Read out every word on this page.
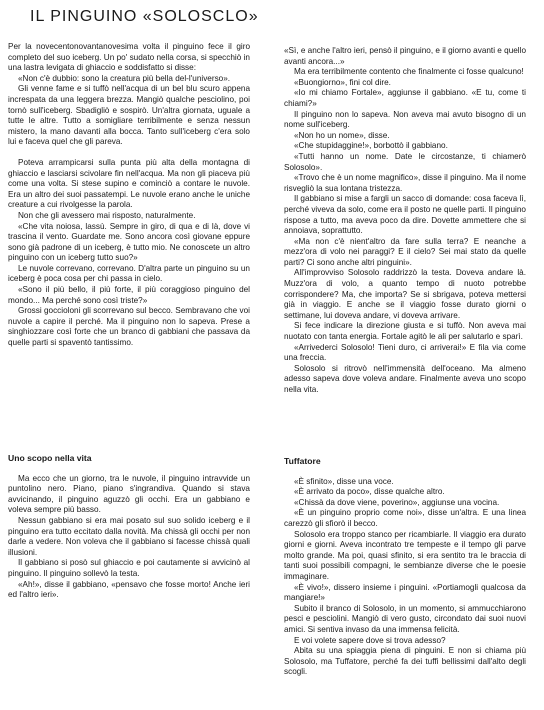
IL PINGUINO «SOLOSCLO»

Per la novecentonovantanovesima volta il pinguino fece il giro completo del suo iceberg. Un po' sudato nella corsa, si specchiò in una lastra levigata di ghiaccio e soddisfatto si disse:

«Non c'è dubbio: sono la creatura più bella del-l'universo».

Gli venne fame e si tuffò nell'acqua di un bel blu scuro appena increspata da una leggera brezza. Mangiò qualche pesciolino, poi tornò sull'iceberg. Sbadigliò e sospirò. Un'altra giornata, uguale a tutte le altre. Tutto a somigliare terribilmente e senza nessun mistero, la mano davanti alla bocca. Tanto sull'iceberg c'era solo lui e faceva quel che gli pareva.

Poteva arrampicarsi sulla punta più alta della montagna di ghiaccio e lasciarsi scivolare fin nell'acqua. Ma non gli piaceva più come una volta. Si stese supino e cominciò a contare le nuvole. Era un altro dei suoi passatempi. Le nuvole erano anche le uniche creature a cui rivolgesse la parola.

Non che gli avessero mai risposto, naturalmente.

«Che vita noiosa, lassù. Sempre in giro, di qua e di là, dove vi trascina il vento. Guardate me. Sono ancora così giovane eppure sono già padrone di un iceberg, è tutto mio. Ne conoscete un altro pinguino con un iceberg tutto suo?»

Le nuvole correvano, correvano. D'altra parte un pinguino su un iceberg è poca cosa per chi passa in cielo.

«Sono il più bello, il più forte, il più coraggioso pinguino del mondo... Ma perché sono così triste?»

Grossi goccioloni gli scorrevano sul becco. Sembravano che voi nuvole a capire il perché. Ma il pinguino non lo sapeva. Prese a singhiozzare così forte che un branco di gabbiani che passava da quelle parti si spaventò tantissimo.

«Sì, e anche l'altro ieri, pensò il pinguino, e il giorno avanti e quello avanti ancora...»

Ma era terribilmente contento che finalmente ci fosse qualcuno!

«Buongiorno», fini col dire.

«Io mi chiamo Fortale», aggiunse il gabbiano. «E tu, come ti chiami?»

Il pinguino non lo sapeva. Non aveva mai avuto bisogno di un nome sull'iceberg.

«Non ho un nome», disse.

«Che stupidaggine!», borbottò il gabbiano.

«Tutti hanno un nome. Date le circostanze, ti chiamerò Solosolo».

«Trovo che è un nome magnifico», disse il pinguino. Ma il nome risvegliò la sua lontana tristezza.

Il gabbiano si mise a fargli un sacco di domande: cosa faceva lì, perché viveva da solo, come era il posto ne quelle parti. Il pinguino rispose a tutto, ma aveva poco da dire. Dovette ammettere che si annoiava, soprattutto.

«Ma non c'è nient'altro da fare sulla terra? E neanche a mezz'ora di volo nei paraggi? E il cielo? Sei mai stato da quelle parti? Ci sono anche altri pinguini».

All'improvviso Solosolo raddrizzò la testa. Doveva andare là. Muzz'ora di volo, a quanto tempo di nuoto potrebbe corrispondere? Ma, che importa? Se si sbrigava, poteva mettersi già in viaggio. E anche se il viaggio fosse durato giorni o settimane, lui doveva andare, vi doveva arrivare.

Si fece indicare la direzione giusta e si tuffò. Non aveva mai nuotato con tanta energia. Fortale agitò le ali per salutarlo e sparì.

«Arrivederci Solosolo! Tieni duro, ci arriverai!» E fila via come una freccia.

Solosolo si ritrovò nell'immensità dell'oceano. Ma almeno adesso sapeva dove voleva andare. Finalmente aveva uno scopo nella vita.

Uno scopo nella vita

Ma ecco che un giorno, tra le nuvole, il pinguino intravvide un puntolino nero. Piano, piano s'ingrandiva. Quando si stava avvicinando, il pinguino aguzzò gli occhi. Era un gabbiano e voleva sempre più basso.

Nessun gabbiano si era mai posato sul suo solido iceberg e il pinguino era tutto eccitato dalla novità. Ma chissà gli occhi per non darle a vedere. Non voleva che il gabbiano si facesse chissà quali illusioni.

Il gabbiano si posò sul ghiaccio e poi cautamente si avvicinò al pinguino. Il pinguino sollevò la testa.

«Ah!», disse il gabbiano, «pensavo che fosse morto! Anche ieri ed l'altro ieri».

Tuffatore

«È sfinito», disse una voce.

«È arrivato da poco», disse qualche altro.

«Chissà da dove viene, poverino», aggiunse una vocina.

«È un pinguino proprio come noi», disse un'altra. E una linea carezzò gli sfiorò il becco.

Solosolo era troppo stanco per ricambiarle. Il viaggio era durato giorni e giorni. Aveva incontrato tre tempeste e il tempo gli parve molto grande. Ma poi, quasi sfinito, si era sentito tra le braccia di tanti suoi possibili compagni, le sembianze diverse che le poesie immaginare.

«È vivo!», dissero insieme i pinguini. «Portiamogli qualcosa da mangiare!»

Subito il branco di Solosolo, in un momento, si ammucchiarono pesci e pesciolini. Mangiò di vero gusto, circondato dai suoi nuovi amici. Si sentiva invaso da una immensa felicità.

E voi volete sapere dove si trova adesso?

Abita su una spiaggia piena di pinguini. E non si chiama più Solosolo, ma Tuffatore, perché fa dei tuffi bellissimi dall'alto degli scogli.
